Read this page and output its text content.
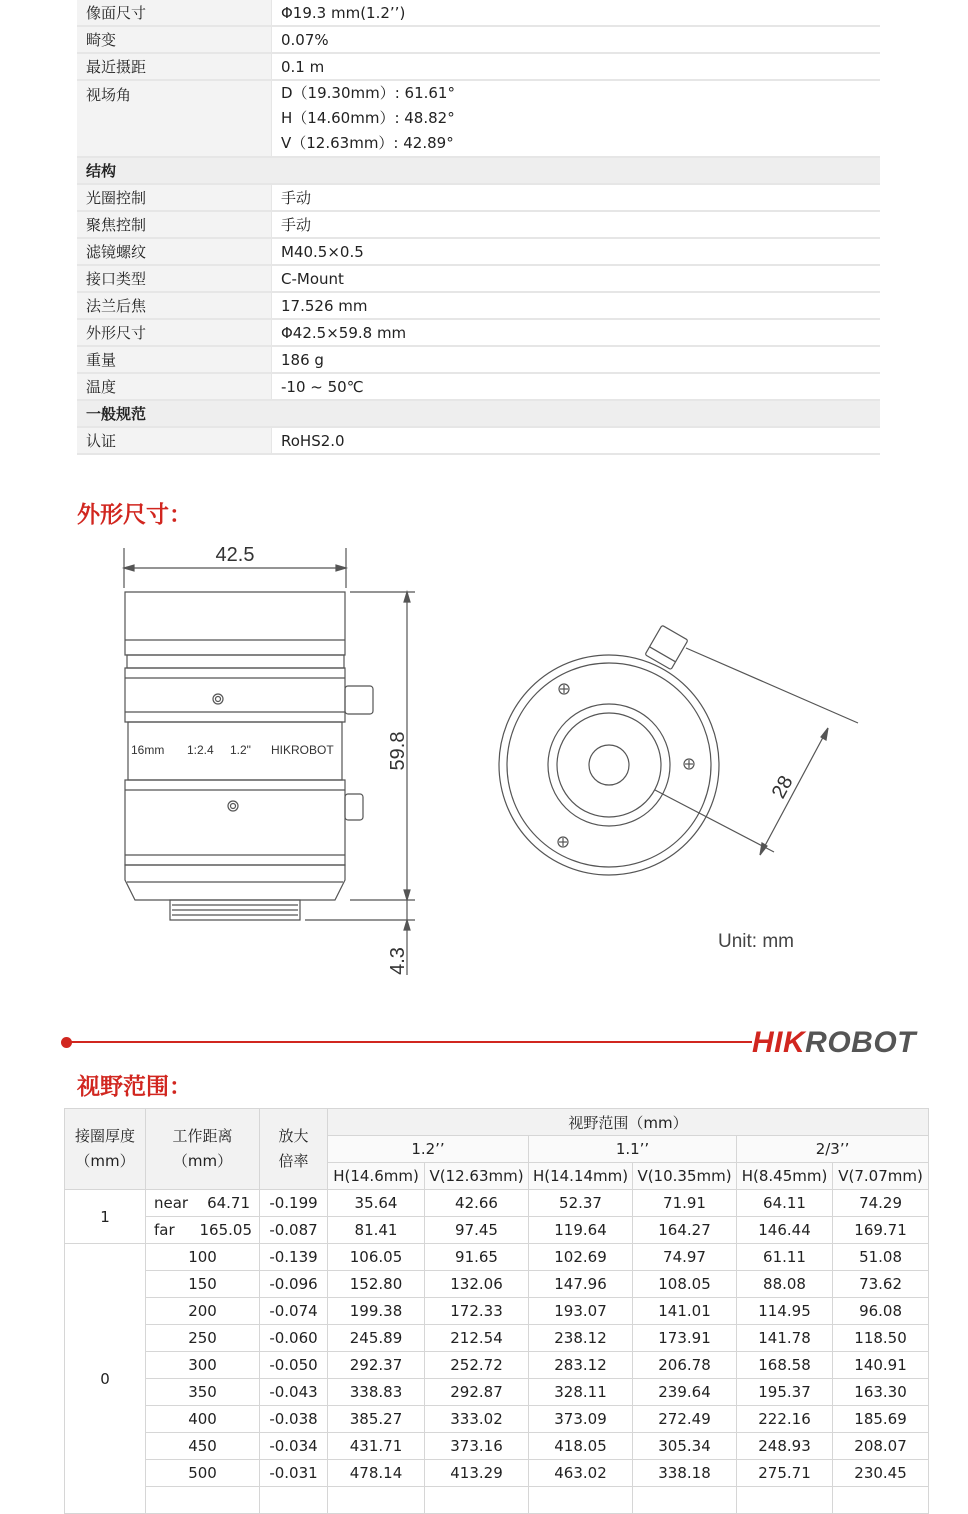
像面尺寸	Φ19.3 mm(1.2’’)
畸变	0.07%
最近摄距	0.1 m
视场角	D（19.30mm）: 61.61°
H（14.60mm）: 48.82°
V（12.63mm）: 42.89°

结构	
光圈控制	手动
聚焦控制	手动
滤镜螺纹	M40.5×0.5
接口类型	C-Mount
法兰后焦	17.526 mm
外形尺寸	Φ42.5×59.8 mm
重量	186 g
温度	-10 ~ 50℃
一般规范	
认证	RoHS2.0
外形尺寸：
42.5
59.8
4.3
28
16mm 1:2.4 1.2" HIKROBOT
Unit: mm
HIKROBOT
视野范围：
接圈厚度（mm）	工作距离（mm）		放大倍率	视野范围（mm）					
				1.2’’		1.1’’		2/3’’	
				H(14.6mm)	V(12.63mm)	H(14.14mm)	V(10.35mm)	H(8.45mm)	V(7.07mm)
1	near	64.71	-0.199	35.64	42.66	52.37	71.91	64.11	74.29
	far	165.05	-0.087	81.41	97.45	119.64	164.27	146.44	169.71
0	100		-0.139	106.05	91.65	102.69	74.97	61.11	51.08
	150		-0.096	152.80	132.06	147.96	108.05	88.08	73.62
	200		-0.074	199.38	172.33	193.07	141.01	114.95	96.08
	250		-0.060	245.89	212.54	238.12	173.91	141.78	118.50
	300		-0.050	292.37	252.72	283.12	206.78	168.58	140.91
	350		-0.043	338.83	292.87	328.11	239.64	195.37	163.30
	400		-0.038	385.27	333.02	373.09	272.49	222.16	185.69
	450		-0.034	431.71	373.16	418.05	305.34	248.93	208.07
	500		-0.031	478.14	413.29	463.02	338.18	275.71	230.45
